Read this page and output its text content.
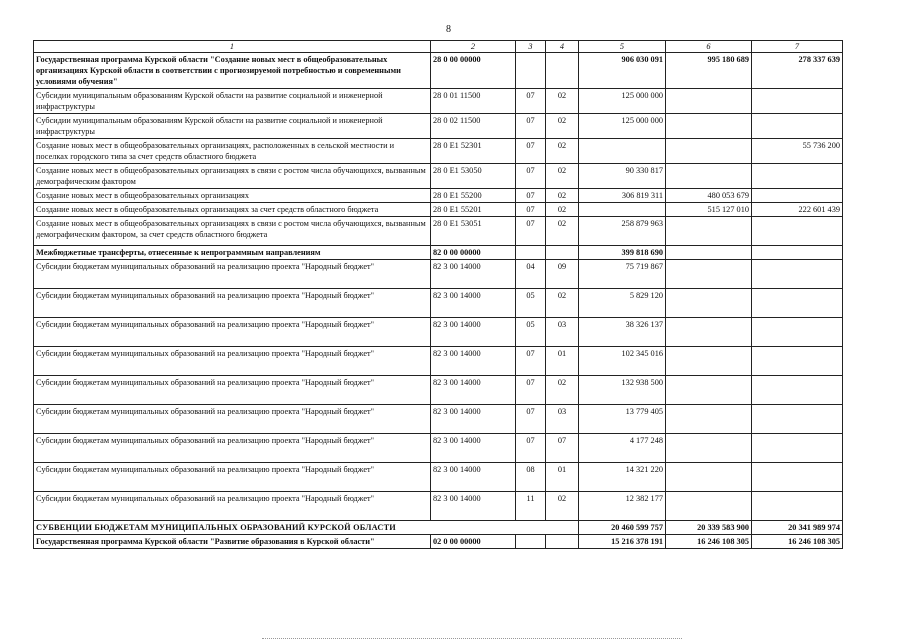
8
1	2	3	4	5	6	7
Государственная программа Курской области "Создание новых мест в общеобразовательных организациях Курской области в соответствии с прогнозируемой потребностью и современными условиями обучения"	28 0 00 00000			906 030 091	995 180 689	278 337 639
Субсидии муниципальным образованиям Курской области на развитие социальной и инженерной инфраструктуры	28 0 01 11500	07	02	125 000 000		
Субсидии муниципальным образованиям Курской области на развитие социальной и инженерной инфраструктуры	28 0 02 11500	07	02	125 000 000		
Создание новых мест в общеобразовательных организациях, расположенных в сельской местности и поселках городского типа за счет средств областного бюджета	28 0 E1 52301	07	02			55 736 200
Создание новых мест в общеобразовательных организациях в связи с ростом числа обучающихся, вызванным демографическим фактором	28 0 E1 53050	07	02	90 330 817		
Создание новых мест в общеобразовательных организациях	28 0 E1 55200	07	02	306 819 311	480 053 679	
Создание новых мест в общеобразовательных организациях за счет средств областного бюджета	28 0 E1 55201	07	02		515 127 010	222 601 439
Создание новых мест в общеобразовательных организациях в связи с ростом числа обучающихся, вызванным демографическим фактором, за счет средств областного бюджета	28 0 E1 53051	07	02	258 879 963		
Межбюджетные трансферты, отнесенные к непрограммным направлениям	82 0 00 00000			399 818 690		
Субсидии бюджетам муниципальных образований на реализацию проекта "Народный бюджет"	82 3 00 14000	04	09	75 719 867		
Субсидии бюджетам муниципальных образований на реализацию проекта "Народный бюджет"	82 3 00 14000	05	02	5 829 120		
Субсидии бюджетам муниципальных образований на реализацию проекта "Народный бюджет"	82 3 00 14000	05	03	38 326 137		
Субсидии бюджетам муниципальных образований на реализацию проекта "Народный бюджет"	82 3 00 14000	07	01	102 345 016		
Субсидии бюджетам муниципальных образований на реализацию проекта "Народный бюджет"	82 3 00 14000	07	02	132 938 500		
Субсидии бюджетам муниципальных образований на реализацию проекта "Народный бюджет"	82 3 00 14000	07	03	13 779 405		
Субсидии бюджетам муниципальных образований на реализацию проекта "Народный бюджет"	82 3 00 14000	07	07	4 177 248		
Субсидии бюджетам муниципальных образований на реализацию проекта "Народный бюджет"	82 3 00 14000	08	01	14 321 220		
Субсидии бюджетам муниципальных образований на реализацию проекта "Народный бюджет"	82 3 00 14000	11	02	12 382 177		
СУБВЕНЦИИ БЮДЖЕТАМ МУНИЦИПАЛЬНЫХ ОБРАЗОВАНИЙ КУРСКОЙ ОБЛАСТИ				20 460 599 757	20 339 583 900	20 341 989 974
Государственная программа Курской области "Развитие образования в Курской области"	02 0 00 00000			15 216 378 191	16 246 108 305	16 246 108 305
